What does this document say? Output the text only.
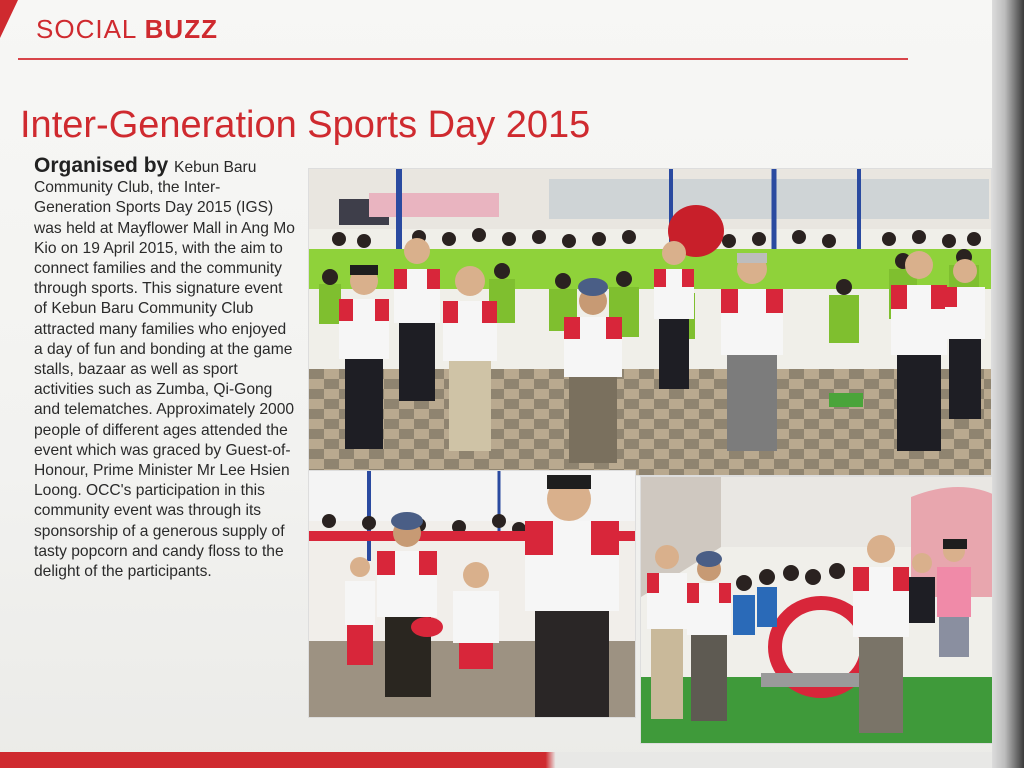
SOCIAL BUZZ
Inter-Generation Sports Day 2015
Organised by Kebun Baru Community Club, the Inter-Generation Sports Day 2015 (IGS) was held at Mayflower Mall in Ang Mo Kio on 19 April 2015, with the aim to connect families and the community through sports. This signature event of Kebun Baru Community Club attracted many families who enjoyed a day of fun and bonding at the game stalls, bazaar as well as sport activities such as Zumba, Qi-Gong and telematches. Approximately 2000 people of different ages attended the event which was graced by Guest-of-Honour, Prime Minister Mr Lee Hsien Loong. OCC's participation in this community event was through its sponsorship of a generous supply of tasty popcorn and candy floss to the delight of the participants.
